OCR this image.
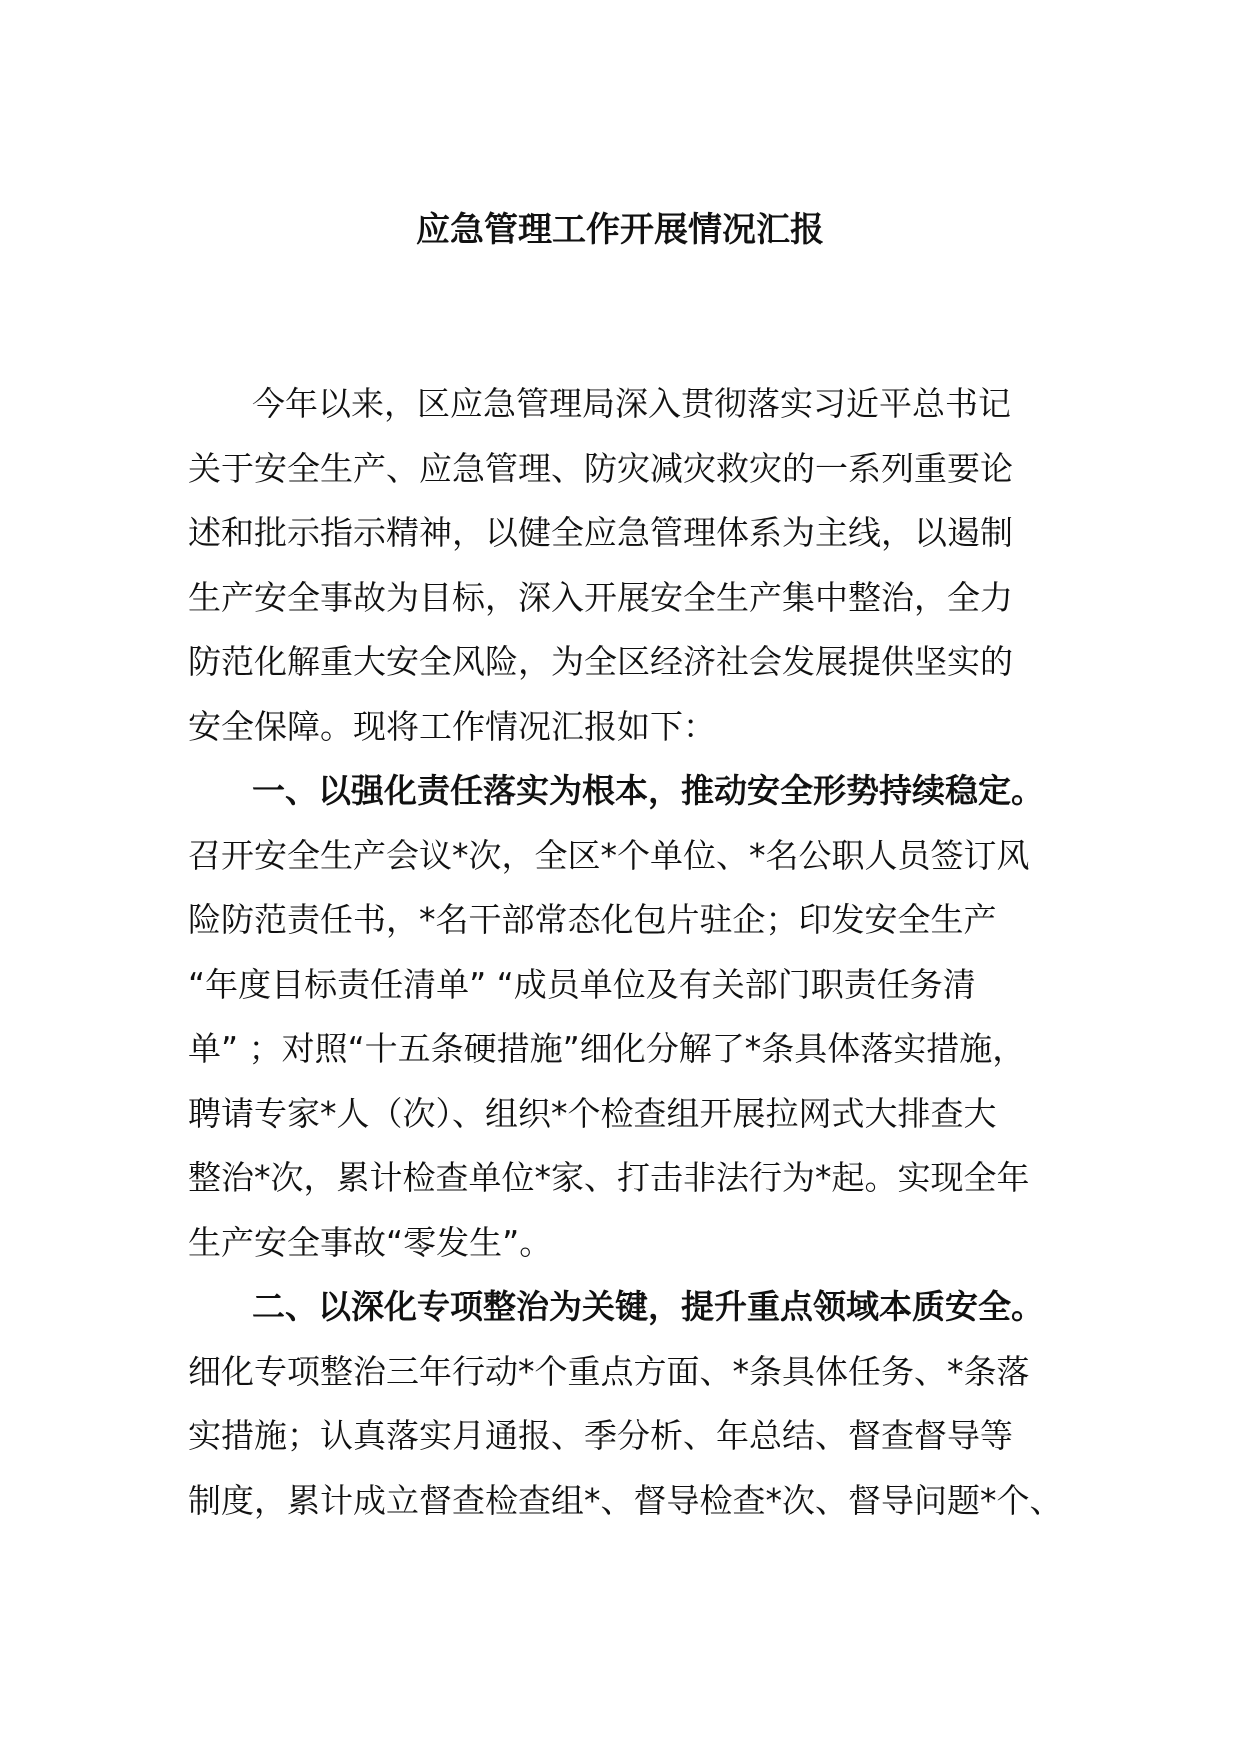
应急管理工作开展情况汇报
今年以来，区应急管理局深入贯彻落实习近平总书记
关于安全生产、应急管理、防灾减灾救灾的一系列重要论
述和批示指示精神，以健全应急管理体系为主线，以遏制
生产安全事故为目标，深入开展安全生产集中整治，全力
防范化解重大安全风险，为全区经济社会发展提供坚实的
安全保障。现将工作情况汇报如下：
一、以强化责任落实为根本，推动安全形势持续稳定。
召开安全生产会议*次，全区*个单位、*名公职人员签订风
险防范责任书，*名干部常态化包片驻企；印发安全生产
“年度目标责任清单” “成员单位及有关部门职责任务清
单” ；对照“十五条硬措施”细化分解了*条具体落实措施，
聘请专家*人（次）、组织*个检查组开展拉网式大排查大
整治*次，累计检查单位*家、打击非法行为*起。实现全年
生产安全事故“零发生”。
二、以深化专项整治为关键，提升重点领域本质安全。
细化专项整治三年行动*个重点方面、*条具体任务、*条落
实措施；认真落实月通报、季分析、年总结、督查督导等
制度，累计成立督查检查组*、督导检查*次、督导问题*个、
